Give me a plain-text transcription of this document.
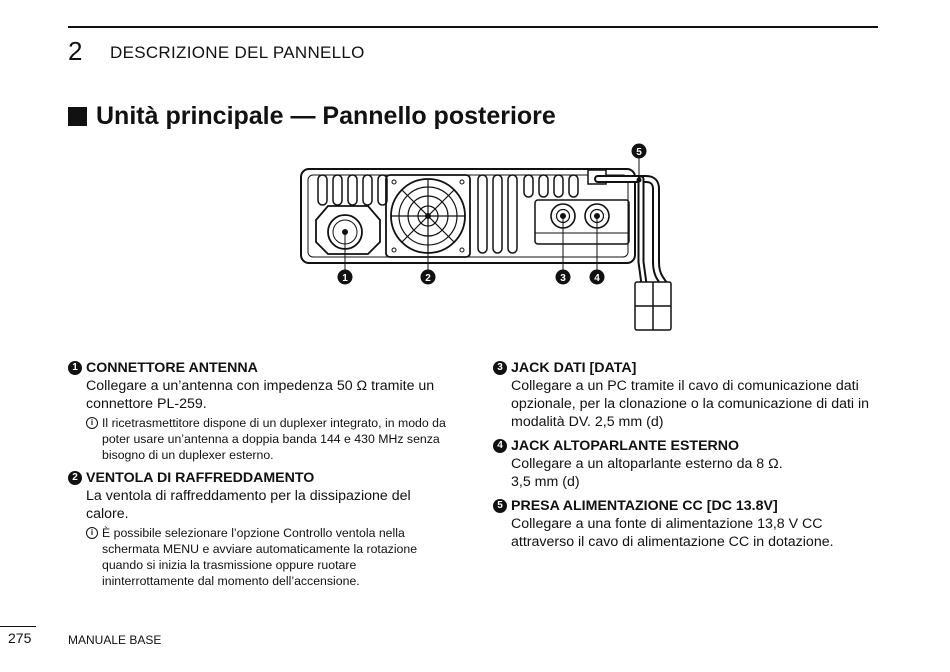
2 DESCRIZIONE DEL PANNELLO
Unità principale — Pannello posteriore
1	2	3	4
5
1 CONNETTORE ANTENNA
Collegare a un’antenna con impedenza 50 Ω tramite un connettore PL-259.
i Il ricetrasmettitore dispone di un duplexer integrato, in modo da poter usare un’antenna a doppia banda 144 e 430 MHz senza bisogno di un duplexer esterno.
2 VENTOLA DI RAFFREDDAMENTO
La ventola di raffreddamento per la dissipazione del calore.
i È possibile selezionare l’opzione Controllo ventola nella schermata MENU e avviare automaticamente la rotazione quando si inizia la trasmissione oppure ruotare ininterrottamente dal momento dell’accensione.
3 JACK DATI [DATA]
Collegare a un PC tramite il cavo di comunicazione dati opzionale, per la clonazione o la comunicazione di dati in modalità DV. 2,5 mm (d)
4 JACK ALTOPARLANTE ESTERNO
Collegare a un altoparlante esterno da 8 Ω.
3,5 mm (d)
5 PRESA ALIMENTAZIONE CC [DC 13.8V]
Collegare a una fonte di alimentazione 13,8 V CC attraverso il cavo di alimentazione CC in dotazione.
275	MANUALE BASE
